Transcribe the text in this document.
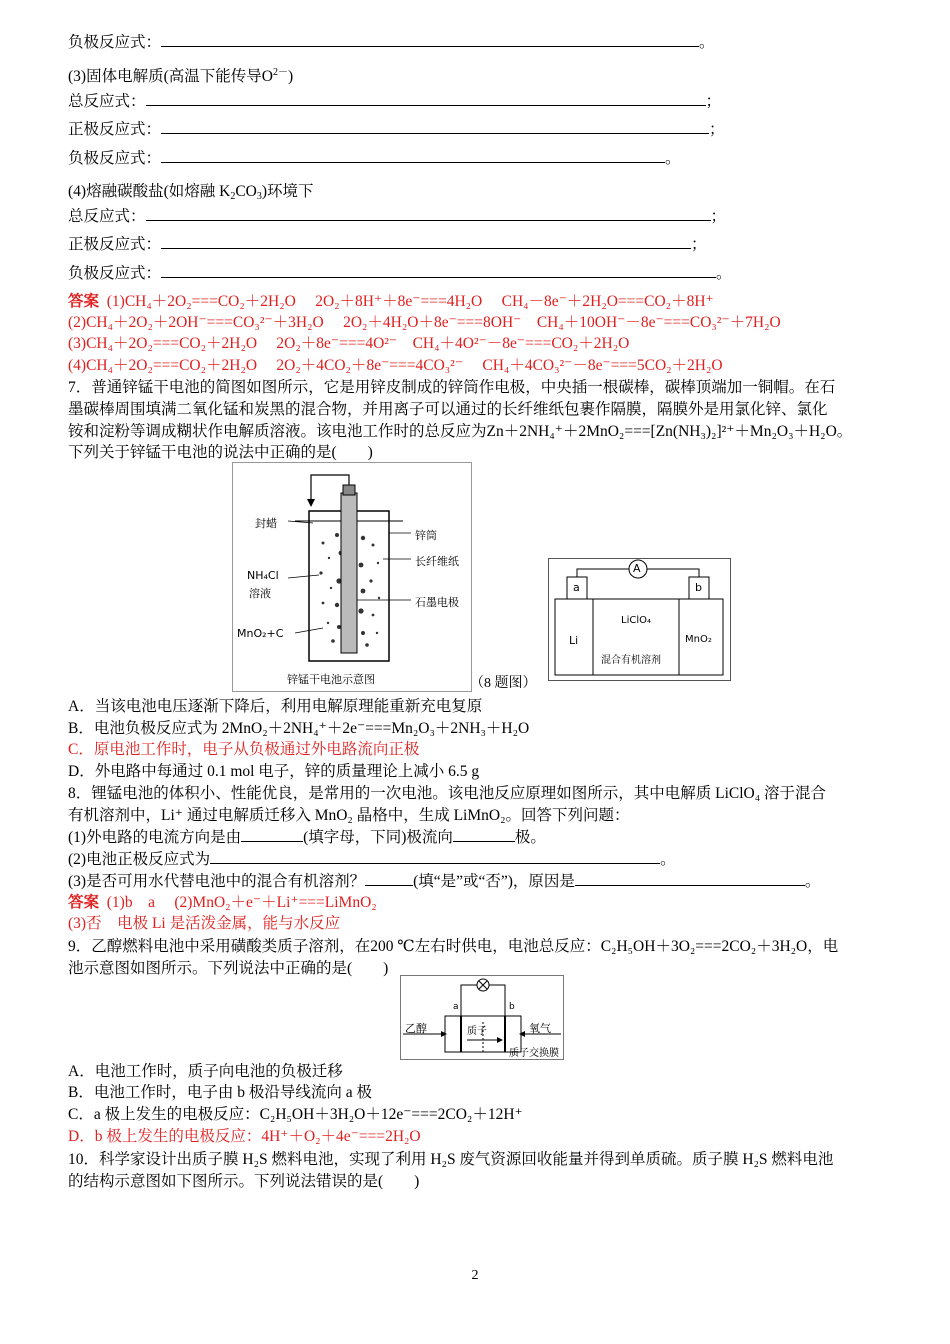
负极反应式：	。
(3)固体电解质(高温下能传导$O^{2-}$)
总反应式：	；
正极反应式：	；
负极反应式：	。
(4)熔融碳酸盐(如熔融 $K_2CO_3$)环境下
总反应式：	；
正极反应式：	；
负极反应式：	。
答案 (1)CH₄＋2O₂===CO₂＋2H₂O　 2O₂＋8H⁺＋8e⁻===4H₂O　 CH₄－8e⁻＋2H₂O===CO₂＋8H⁺
(2)CH₄＋2O₂＋2OH⁻===CO₃²⁻＋3H₂O　 2O₂＋4H₂O＋8e⁻===8OH⁻　CH₄＋10OH⁻－8e⁻===CO₃²⁻＋7H₂O
(3)CH₄＋2O₂===CO₂＋2H₂O　 2O₂＋8e⁻===4O²⁻　CH₄＋4O²⁻－8e⁻===CO₂＋2H₂O
(4)CH₄＋2O₂===CO₂＋2H₂O　 2O₂＋4CO₂＋8e⁻===4CO₃²⁻　 CH₄＋4CO₃²⁻－8e⁻===5CO₂＋2H₂O
7．普通锌锰干电池的简图如图所示，它是用锌皮制成的锌筒作电极，中央插一根碳棒，碳棒顶端加一铜帽。在石
墨碳棒周围填满二氧化锰和炭黑的混合物，并用离子可以通过的长纤维纸包裹作隔膜，隔膜外是用氯化锌、氯化
铵和淀粉等调成糊状作电解质溶液。该电池工作时的总反应为Zn＋2NH₄⁺＋2MnO₂===[Zn(NH₃)₂]²⁺＋Mn₂O₃＋H₂O。
下列关于锌锰干电池的说法中正确的是(　　)
封蜡
NH₄Cl
溶液
MnO₂+C
锌筒
长纤维纸
石墨电极
锌锰干电池示意图
A
a	b
Li
LiClO₄
混合有机溶剂
MnO₂
（8 题图）
A．当该电池电压逐渐下降后，利用电解原理能重新充电复原
B．电池负极反应式为 2MnO₂＋2NH₄⁺＋2e⁻===Mn₂O₃＋2NH₃＋H₂O
C．原电池工作时，电子从负极通过外电路流向正极
D．外电路中每通过 0.1 mol 电子，锌的质量理论上减小 6.5 g
8．锂锰电池的体积小、性能优良，是常用的一次电池。该电池反应原理如图所示，其中电解质 LiClO₄ 溶于混合
有机溶剂中，Li⁺ 通过电解质迁移入 MnO₂ 晶格中，生成 LiMnO₂。回答下列问题：
(1)外电路的电流方向是由	(填字母，下同)极流向	极。
(2)电池正极反应式为	。
(3)是否可用水代替电池中的混合有机溶剂？	(填“是”或“否”)，原因是	。
答案 (1)b　a　 (2)MnO₂＋e⁻＋Li⁺===LiMnO₂
(3)否　电极 Li 是活泼金属，能与水反应
9．乙醇燃料电池中采用磺酸类质子溶剂，在200 ℃左右时供电，电池总反应：C₂H₅OH＋3O₂===2CO₂＋3H₂O，电
池示意图如图所示。下列说法中正确的是(　　)
乙醇	氧气
质子
质子交换膜
a	b
A．电池工作时，质子向电池的负极迁移
B．电池工作时，电子由 b 极沿导线流向 a 极
C．a 极上发生的电极反应：C₂H₅OH＋3H₂O＋12e⁻===2CO₂＋12H⁺
D．b 极上发生的电极反应：4H⁺＋O₂＋4e⁻===2H₂O
10．科学家设计出质子膜 H₂S 燃料电池，实现了利用 H₂S 废气资源回收能量并得到单质硫。质子膜 H₂S 燃料电池
的结构示意图如下图所示。下列说法错误的是(　　)
2
